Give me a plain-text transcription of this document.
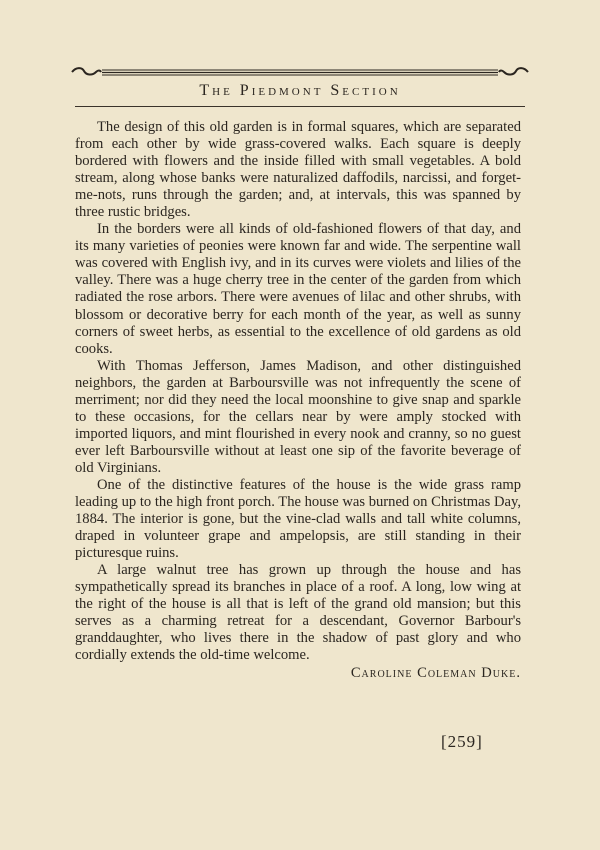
The Piedmont Section

The design of this old garden is in formal squares, which are separated from each other by wide grass-covered walks. Each square is deeply bordered with flowers and the inside filled with small vegetables. A bold stream, along whose banks were naturalized daffodils, narcissi, and forget-me-nots, runs through the garden; and, at intervals, this was spanned by three rustic bridges.

In the borders were all kinds of old-fashioned flowers of that day, and its many varieties of peonies were known far and wide. The serpentine wall was covered with English ivy, and in its curves were violets and lilies of the valley. There was a huge cherry tree in the center of the garden from which radiated the rose arbors. There were avenues of lilac and other shrubs, with blossom or decorative berry for each month of the year, as well as sunny corners of sweet herbs, as essential to the excellence of old gardens as old cooks.

With Thomas Jefferson, James Madison, and other distinguished neighbors, the garden at Barboursville was not infrequently the scene of merriment; nor did they need the local moonshine to give snap and sparkle to these occasions, for the cellars near by were amply stocked with imported liquors, and mint flourished in every nook and cranny, so no guest ever left Barboursville without at least one sip of the favorite beverage of old Virginians.

One of the distinctive features of the house is the wide grass ramp leading up to the high front porch. The house was burned on Christmas Day, 1884. The interior is gone, but the vine-clad walls and tall white columns, draped in volunteer grape and ampelopsis, are still standing in their picturesque ruins.

A large walnut tree has grown up through the house and has sympathetically spread its branches in place of a roof. A long, low wing at the right of the house is all that is left of the grand old mansion; but this serves as a charming retreat for a descendant, Governor Barbour's granddaughter, who lives there in the shadow of past glory and who cordially extends the old-time welcome.

Caroline Coleman Duke.

[259]
